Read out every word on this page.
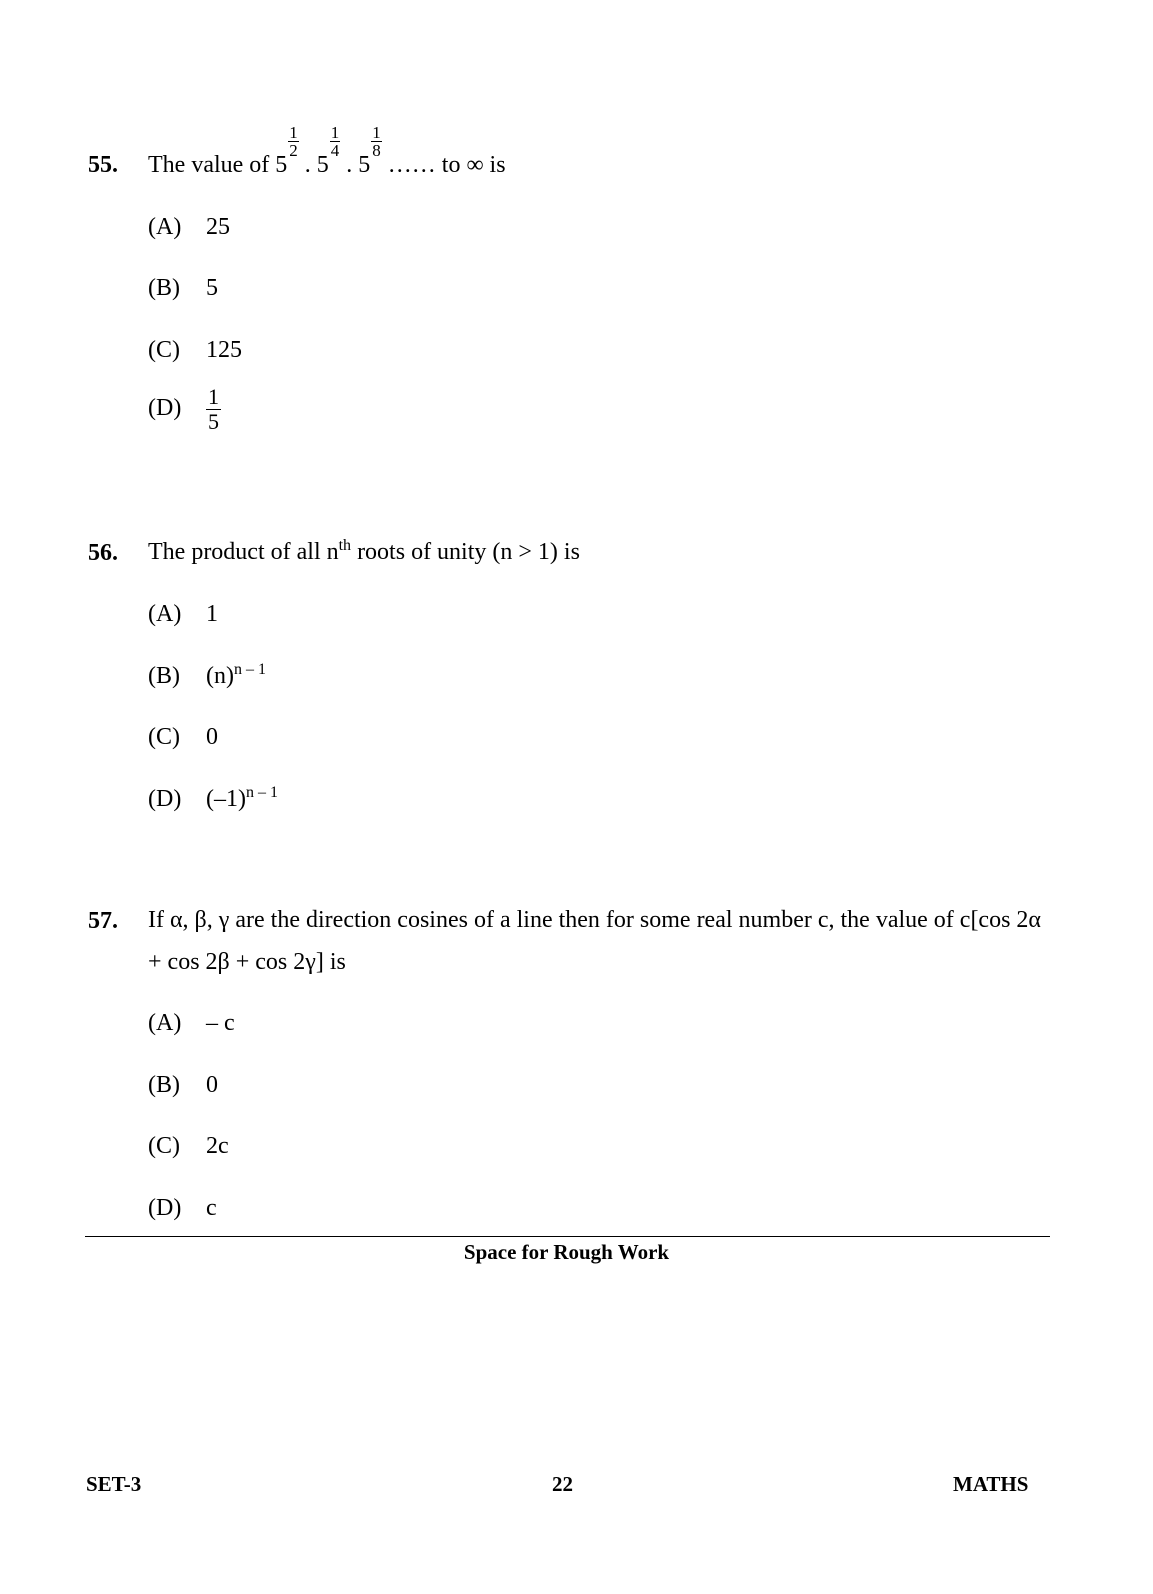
55. The value of 5
$\frac{1}{2}$
. 5
$\frac{1}{4}$
. 5
$\frac{1}{8}$
…… to ∞ is
(A) 25
(B) 5
(C) 125
$(D) \frac{1}{5}$
56. The product of all $n^{th}$ roots of unity (n > 1) is
(A) 1
(B) $(n)^{n - 1}$
(C) 0
(D) $(-1)^{n - 1}$
57. If α, β, γ are the direction cosines of a line then for some real number c, the value of c[cos 2α + cos 2β + cos 2γ] is
(A) – c
(B) 0
(C) 2c
(D) c
Space for Rough Work
SET-3	22	MATHS
